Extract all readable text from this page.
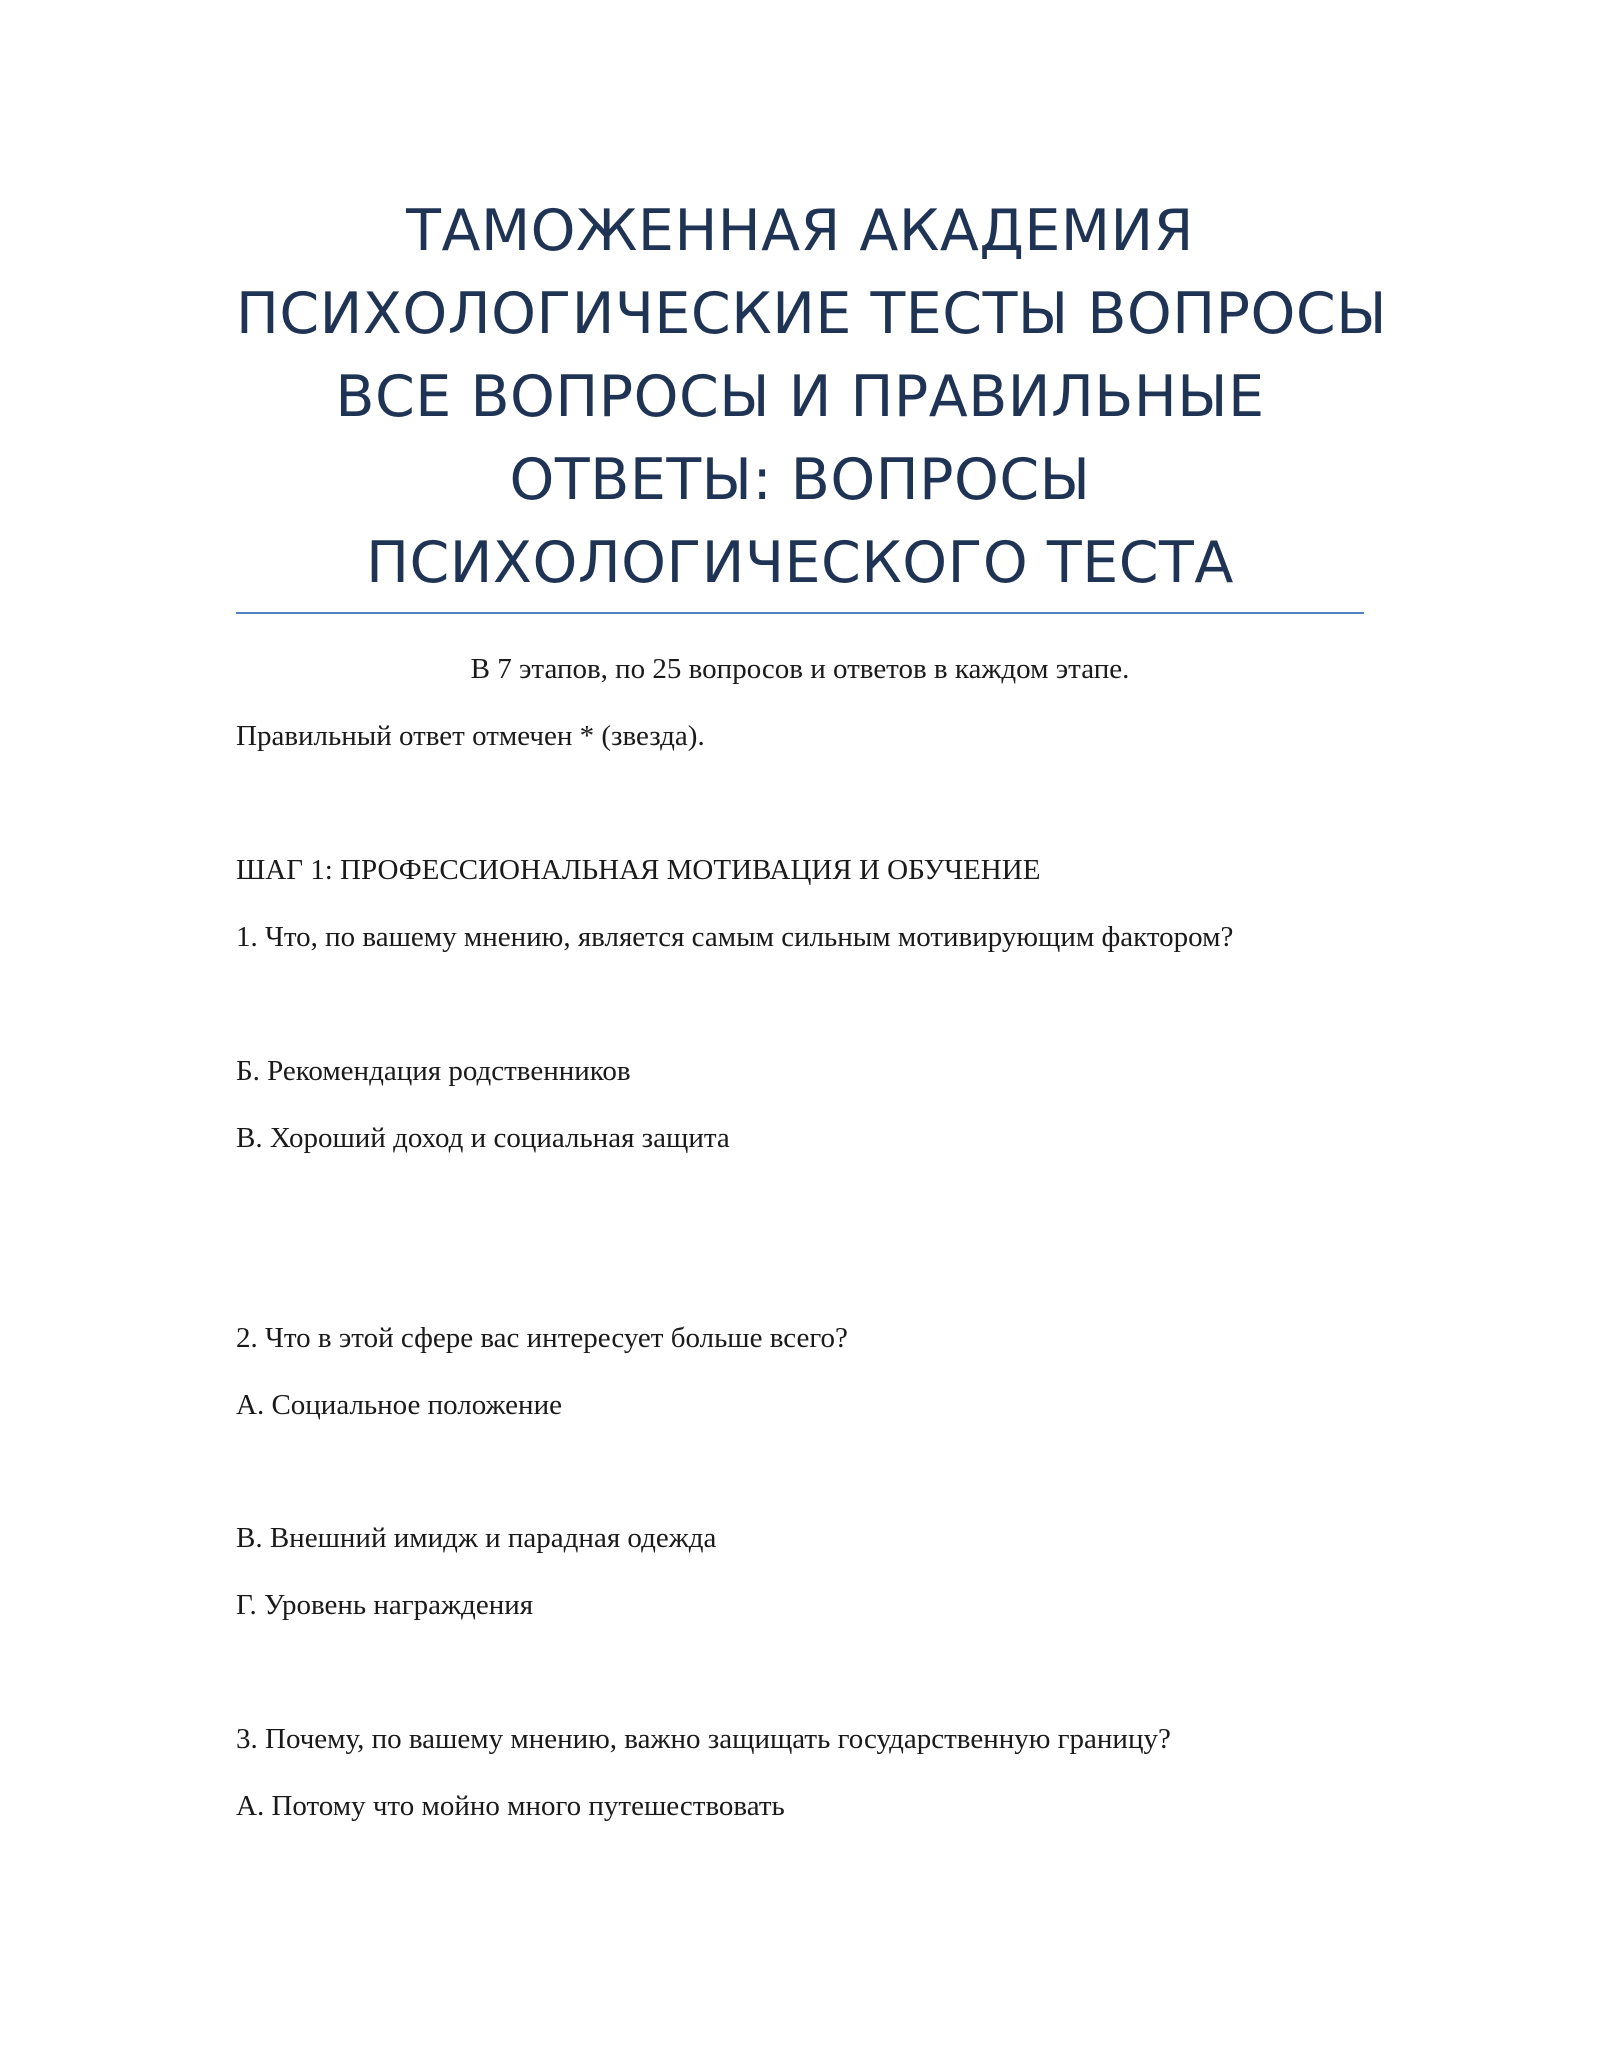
ТАМОЖЕННАЯ АКАДЕМИЯ
ПСИХОЛОГИЧЕСКИЕ ТЕСТЫ ВОПРОСЫ
ВСЕ ВОПРОСЫ И ПРАВИЛЬНЫЕ
ОТВЕТЫ: ВОПРОСЫ
ПСИХОЛОГИЧЕСКОГО ТЕСТА
В 7 этапов, по 25 вопросов и ответов в каждом этапе.
Правильный ответ отмечен * (звезда).
ШАГ 1: ПРОФЕССИОНАЛЬНАЯ МОТИВАЦИЯ И ОБУЧЕНИЕ
1. Что, по вашему мнению, является самым сильным мотивирующим фактором?
Б. Рекомендация родственников
В. Хороший доход и социальная защита
2. Что в этой сфере вас интересует больше всего?
А. Социальное положение
В. Внешний имидж и парадная одежда
Г. Уровень награждения
3. Почему, по вашему мнению, важно защищать государственную границу?
А. Потому что мойно много путешествовать
